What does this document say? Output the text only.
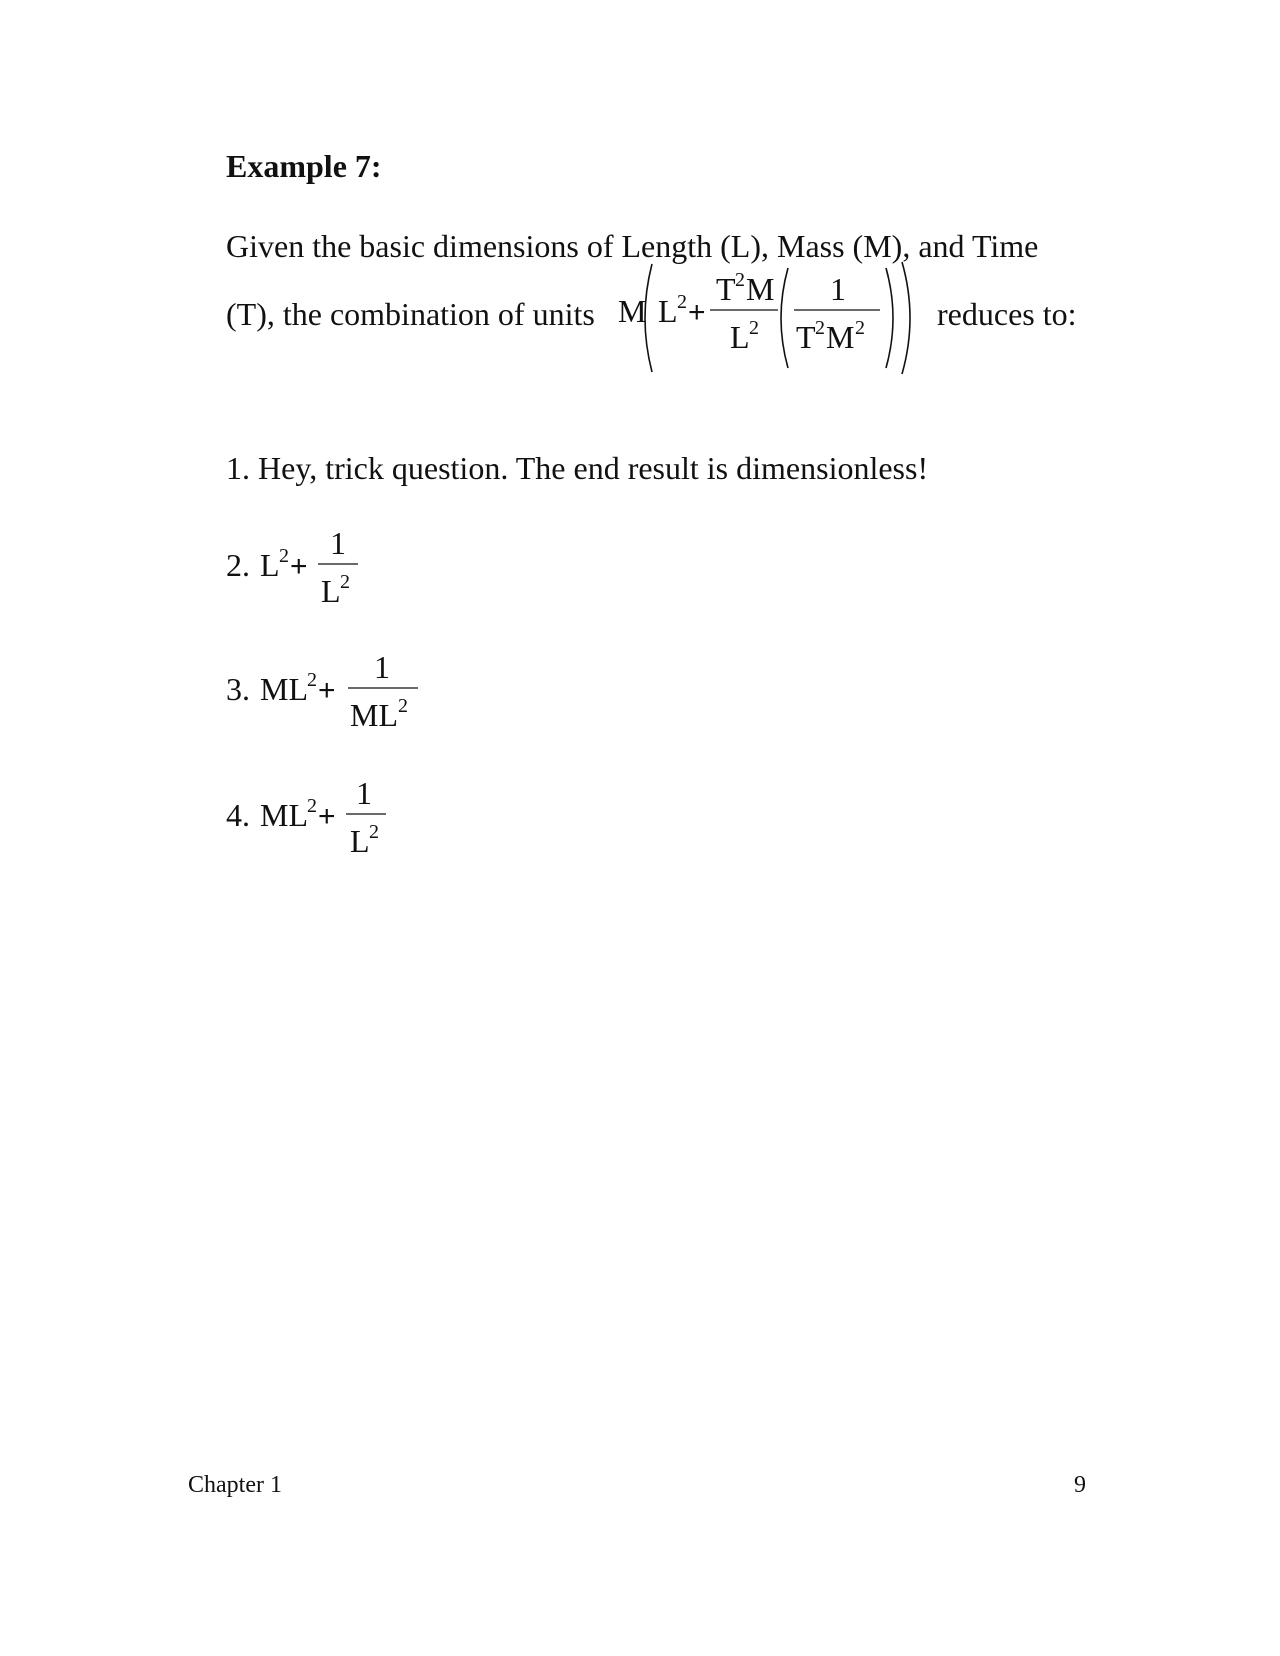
Example 7:
Given the basic dimensions of Length (L), Mass (M), and Time
(T), the combination of units M L 2 +
T 2 M
L 2
1
T 2 M 2 reduces to:
1. Hey, trick question. The end result is dimensionless!
2. L 2 +
1
L 2
3. ML 2 +
1
ML 2
4. ML 2 +
1
L 2
Chapter 1	9
